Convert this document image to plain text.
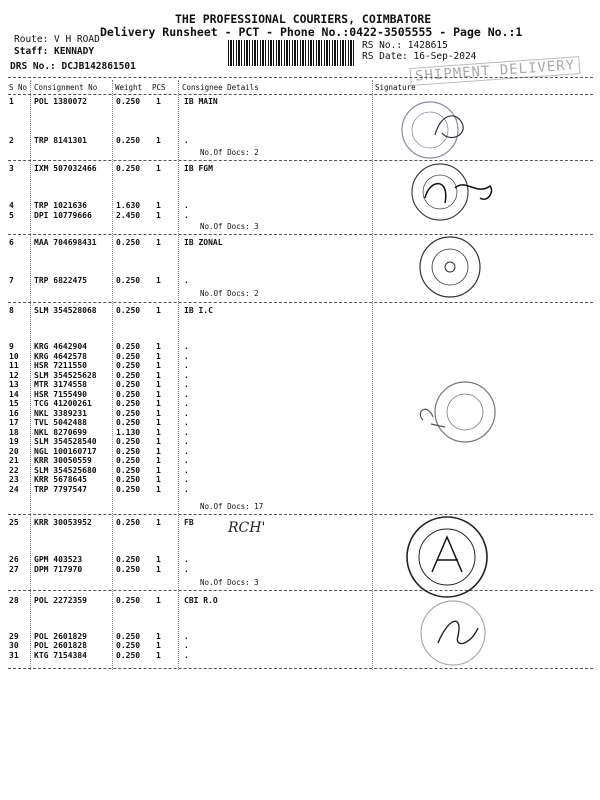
THE PROFESSIONAL COURIERS, COIMBATORE
Delivery Runsheet - PCT - Phone No.:0422-3505555 - Page No.:1
Route: V H ROAD
Staff: KENNADY
DRS No.: DCJB142861501
RS No.: 1428615
RS Date: 16-Sep-2024
SHIPMENT DELIVERY
S No Consignment No Weight PCS Consignee Details	Signature
No.Of Docs: 2
No.Of Docs: 3
No.Of Docs: 2
No.Of Docs: 17
No.Of Docs: 3
1	POL 1380072	0.250 1	IB MAIN
2	TRP 8141301	0.250 1	.
3	IXM 507032466 0.250 1	IB FGM
4	TRP 1021636	1.630 1	.
5	DPI 10779666	2.450 1	.
6	MAA 704698431 0.250 1	IB ZONAL
7	TRP 6822475	0.250 1	.
8	SLM 354528068 0.250 1	IB I.C
9	KRG 4642904	0.250 1	.
10 KRG 4642578	0.250 1	.
11 HSR 7211550	0.250 1	.
12 SLM 354525628 0.250 1	.
13 MTR 3174558	0.250 1	.
14 HSR 7155490	0.250 1	.
15 TCG 41200261	0.250 1	.
16 NKL 3389231	0.250 1	.
17 TVL 5042488	0.250 1	.
18 NKL 8270699	1.130 1	.
19 SLM 354528540 0.250 1	.
20 NGL 100160717 0.250 1	.
21 KRR 30050559	0.250 1	.
22 SLM 354525680 0.250 1	.
23 KRR 5678645	0.250 1	.
24 TRP 7797547	0.250 1	.
25 KRR 30053952	0.250 1	FB
26 GPM 403523	0.250 1	.
27 DPM 717970	0.250 1	.
28 POL 2272359	0.250 1	CBI R.O
29 POL 2601829	0.250 1	.
30 POL 2601828	0.250 1	.
31 KTG 7154384	0.250 1	.
RCH'
